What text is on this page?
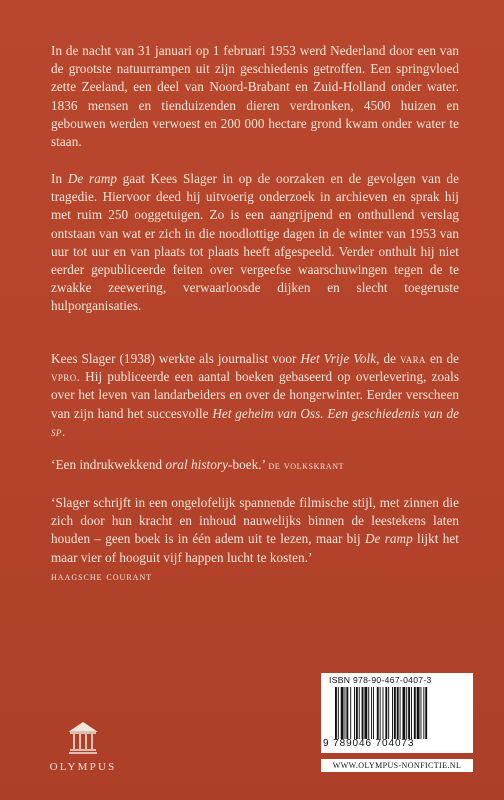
In de nacht van 31 januari op 1 februari 1953 werd Nederland door een van de grootste natuurrampen uit zijn geschiedenis getroffen. Een springvloed zette Zeeland, een deel van Noord-Brabant en Zuid-Holland onder water. 1836 mensen en tienduizenden dieren verdronken, 4500 huizen en gebouwen werden verwoest en 200 000 hectare grond kwam onder water te staan.

In De ramp gaat Kees Slager in op de oorzaken en de gevolgen van de tragedie. Hiervoor deed hij uitvoerig onderzoek in archieven en sprak hij met ruim 250 ooggetuigen. Zo is een aangrijpend en onthullend verslag ontstaan van wat er zich in die noodlottige dagen in de winter van 1953 van uur tot uur en van plaats tot plaats heeft afgespeeld. Verder onthult hij niet eerder gepubliceerde feiten over vergeefse waarschuwingen tegen de te zwakke zeewering, verwaarloosde dijken en slecht toegeruste hulporganisaties.

Kees Slager (1938) werkte als journalist voor Het Vrije Volk, de vara en de vpro. Hij publiceerde een aantal boeken gebaseerd op overlevering, zoals over het leven van landarbeiders en over de hongerwinter. Eerder verscheen van zijn hand het succesvolle Het geheim van Oss. Een geschiedenis van de sp.

‘Een indrukwekkend oral history-boek.’ de volkskrant

‘Slager schrijft in een ongelofelijk spannende filmische stijl, met zinnen die zich door hun kracht en inhoud nauwelijks binnen de leestekens laten houden – geen boek is in één adem uit te lezen, maar bij De ramp lijkt het maar vier of hooguit vijf happen lucht te kosten.’
haagsche courant

OLYMPUS
ISBN 978-90-467-0407-3
9 789046 704073
WWW.OLYMPUS-NONFICTIE.NL
